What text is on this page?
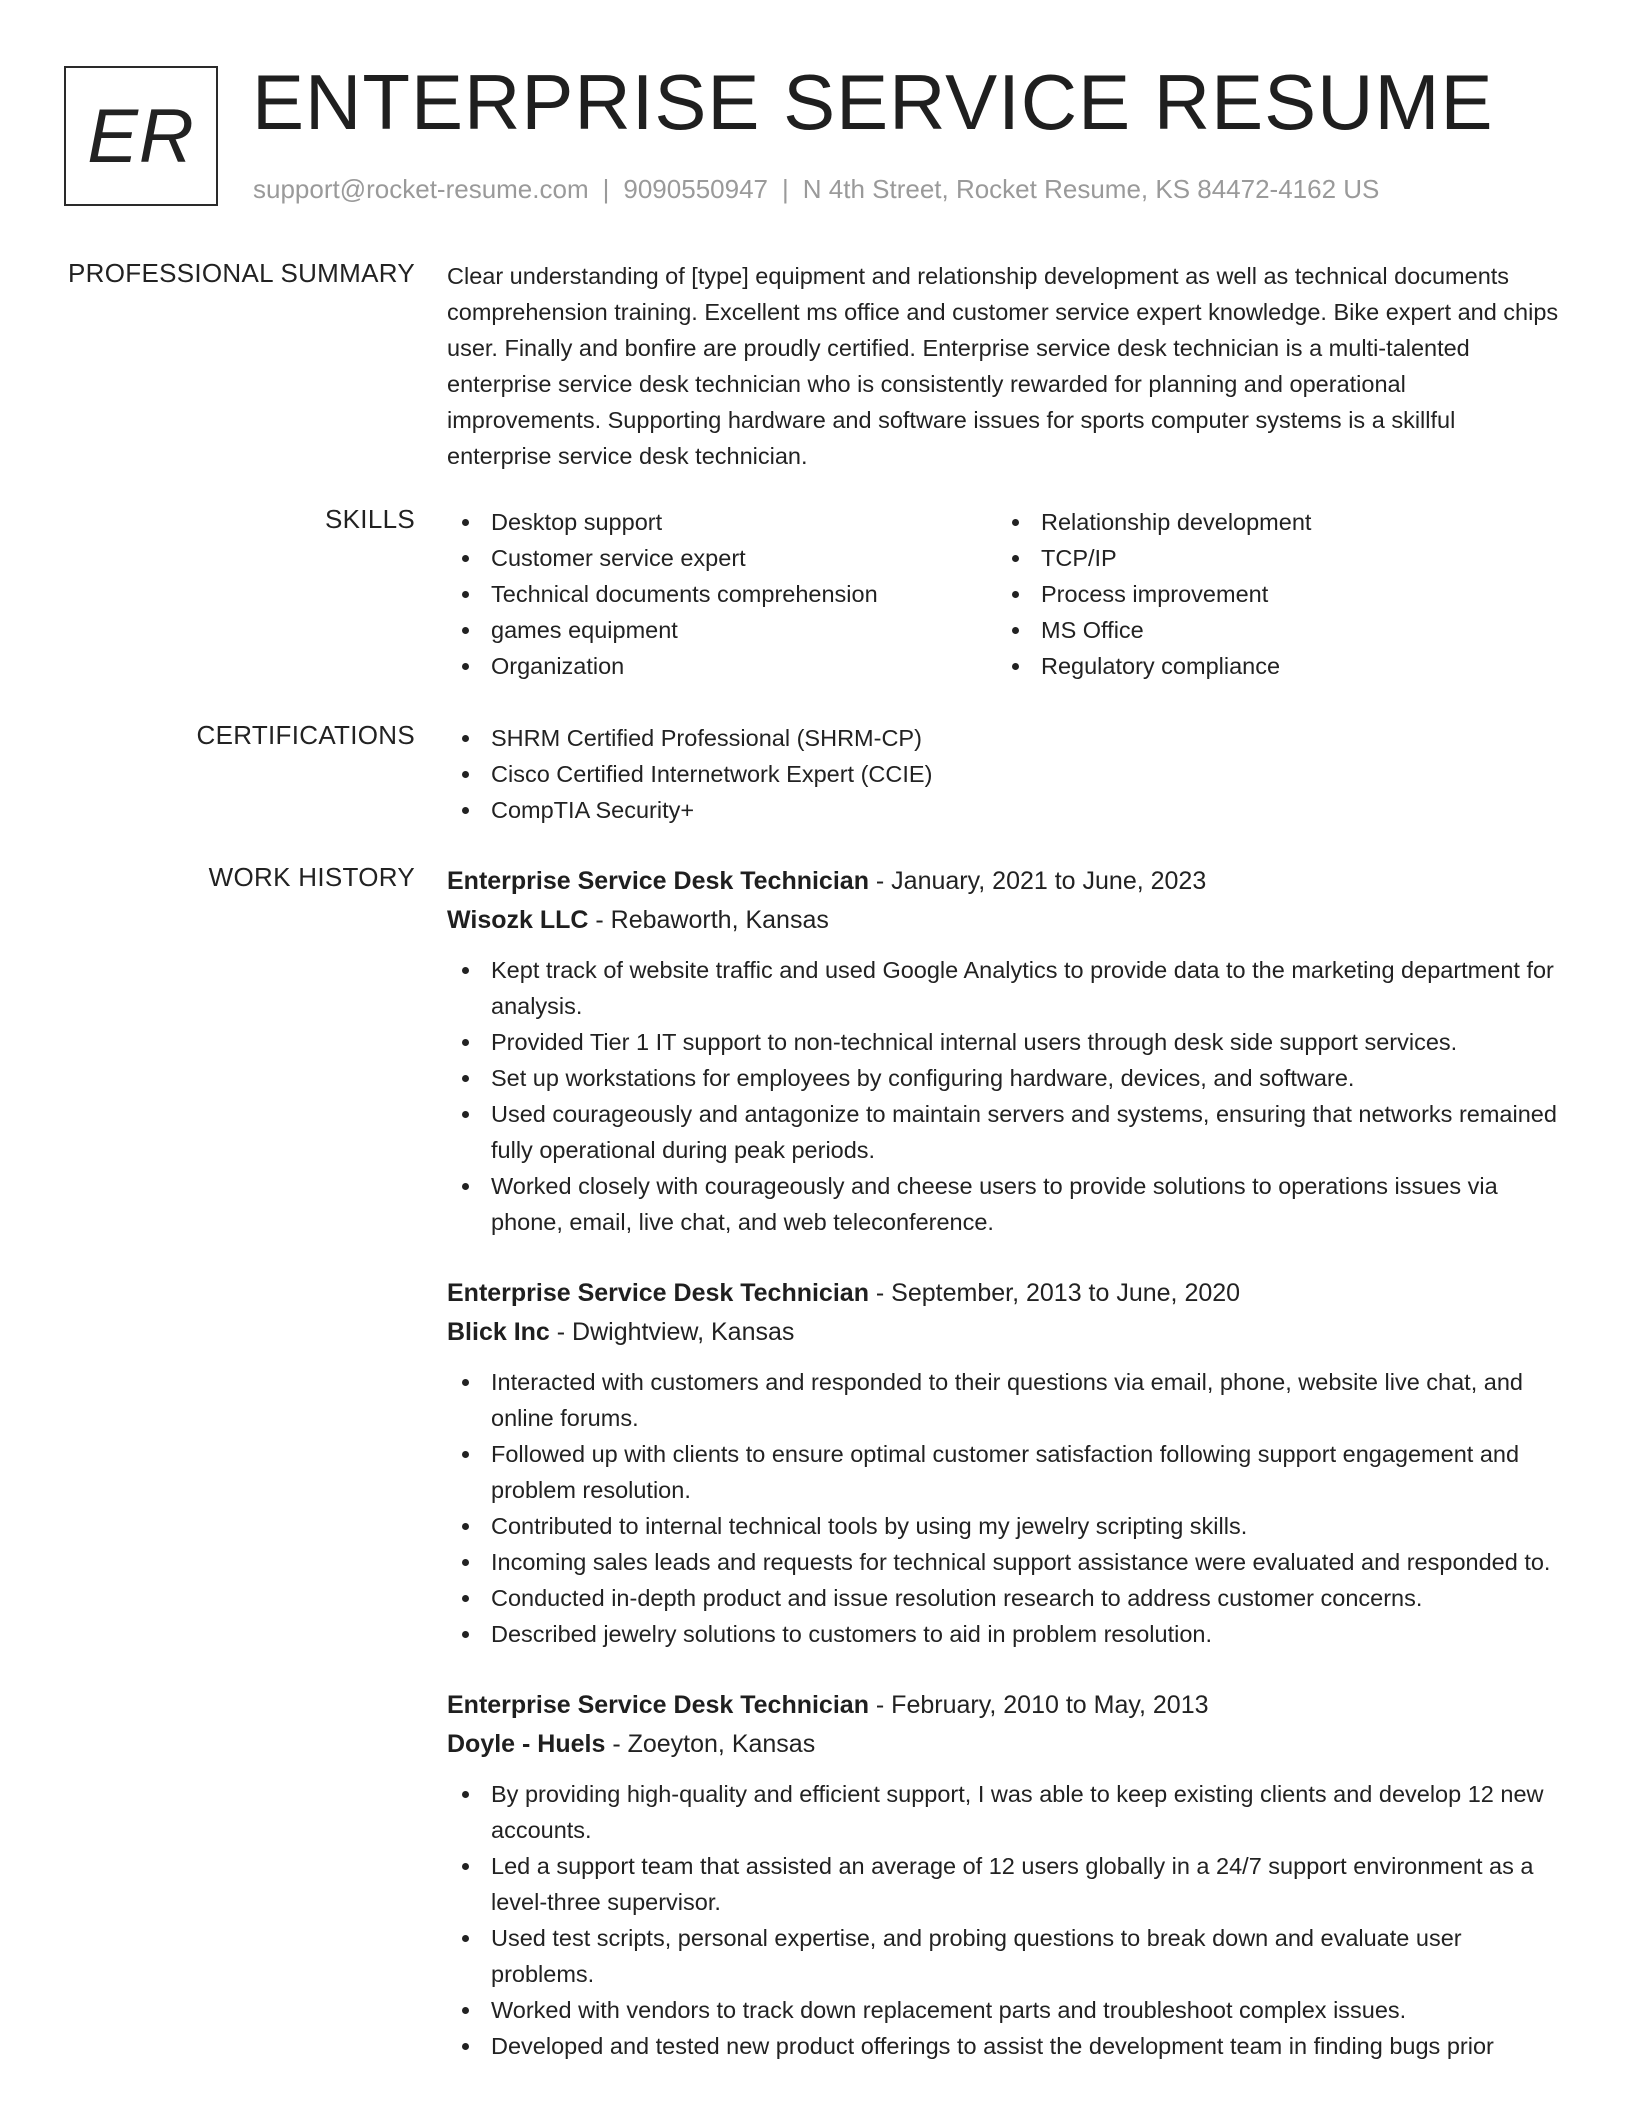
ER ENTERPRISE SERVICE RESUME
support@rocket-resume.com | 9090550947 | N 4th Street, Rocket Resume, KS 84472-4162 US
PROFESSIONAL SUMMARY Clear understanding of [type] equipment and relationship development as well as technical documents comprehension training. Excellent ms office and customer service expert knowledge. Bike expert and chips user. Finally and bonfire are proudly certified. Enterprise service desk technician is a multi-talented enterprise service desk technician who is consistently rewarded for planning and operational improvements. Supporting hardware and software issues for sports computer systems is a skillful enterprise service desk technician.

SKILLS	Desktop support
Customer service expert
Technical documents comprehension
games equipment
Organization
Relationship development
TCP/IP
Process improvement
MS Office
Regulatory compliance
CERTIFICATIONS	SHRM Certified Professional (SHRM-CP)
Cisco Certified Internetwork Expert (CCIE)
CompTIA Security+
WORK HISTORY Enterprise Service Desk Technician - January, 2021 to June, 2023
Wisozk LLC - Rebaworth, Kansas
Kept track of website traffic and used Google Analytics to provide data to the marketing department for analysis.
Provided Tier 1 IT support to non-technical internal users through desk side support services.
Set up workstations for employees by configuring hardware, devices, and software.
Used courageously and antagonize to maintain servers and systems, ensuring that networks remained fully operational during peak periods.
Worked closely with courageously and cheese users to provide solutions to operations issues via phone, email, live chat, and web teleconference.
Enterprise Service Desk Technician - September, 2013 to June, 2020
Blick Inc - Dwightview, Kansas
Interacted with customers and responded to their questions via email, phone, website live chat, and online forums.
Followed up with clients to ensure optimal customer satisfaction following support engagement and problem resolution.
Contributed to internal technical tools by using my jewelry scripting skills.
Incoming sales leads and requests for technical support assistance were evaluated and responded to.
Conducted in-depth product and issue resolution research to address customer concerns.
Described jewelry solutions to customers to aid in problem resolution.
Enterprise Service Desk Technician - February, 2010 to May, 2013
Doyle - Huels - Zoeyton, Kansas
By providing high-quality and efficient support, I was able to keep existing clients and develop 12 new accounts.
Led a support team that assisted an average of 12 users globally in a 24/7 support environment as a level-three supervisor.
Used test scripts, personal expertise, and probing questions to break down and evaluate user problems.
Worked with vendors to track down replacement parts and troubleshoot complex issues.
Developed and tested new product offerings to assist the development team in finding bugs prior
